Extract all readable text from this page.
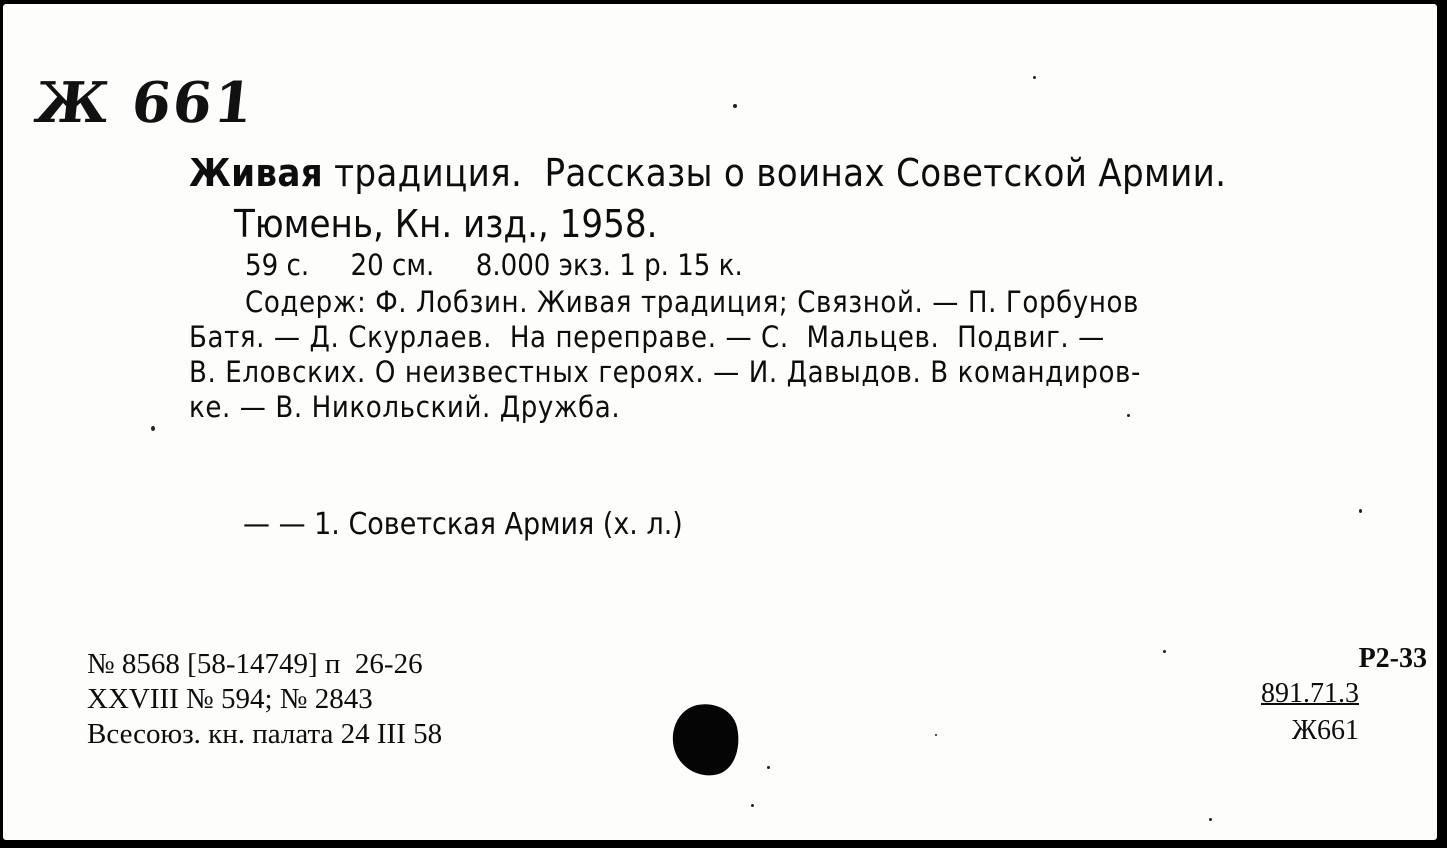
Ж 661
Живая традиция.  Рассказы о воинах Советской Армии.
Тюмень, Кн. изд., 1958.
59 с.     20 см.     8.000 экз. 1 р. 15 к.
Содерж: Ф. Лобзин. Живая традиция; Связной. — П. Горбунов
Батя. — Д. Скурлаев.  На переправе. — С.  Мальцев.  Подвиг. —
В. Еловских. О неизвестных героях. — И. Давыдов. В командиров-
ке. — В. Никольский. Дружба.
— — 1. Советская Армия (х. л.)
№ 8568 [58-14749] п  26-26
XXVIII № 594; № 2843
Всесоюз. кн. палата 24 III 58
Р2-33
891.71.3
Ж661
